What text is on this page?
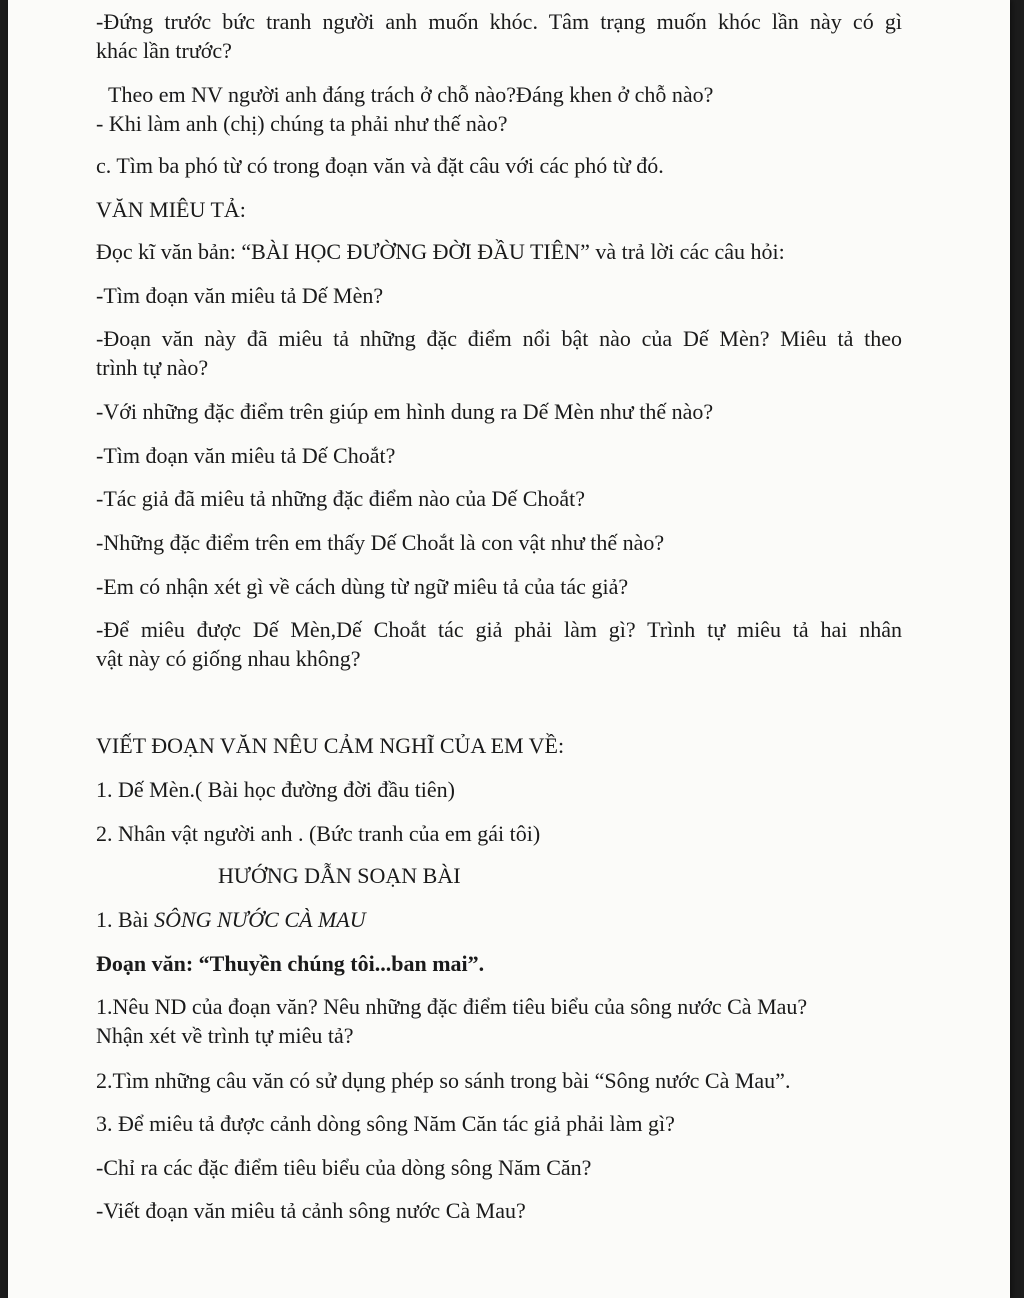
-Đứng trước bức tranh người anh muốn khóc. Tâm trạng muốn khóc lần này có gì

khác lần trước?

Theo em NV người anh đáng trách ở chỗ nào?Đáng khen ở chỗ nào?

- Khi làm anh (chị) chúng ta phải như thế nào?

c. Tìm ba phó từ có trong đoạn văn và đặt câu với các phó từ đó.

VĂN MIÊU TẢ:

Đọc kĩ văn bản: “BÀI HỌC ĐƯỜNG ĐỜI ĐẦU TIÊN” và trả lời các câu hỏi:

-Tìm đoạn văn miêu tả Dế Mèn?

-Đoạn văn này đã miêu tả những đặc điểm nổi bật nào của Dế Mèn? Miêu tả theo

trình tự nào?

-Với những đặc điểm trên giúp em hình dung ra Dế Mèn như thế nào?

-Tìm đoạn văn miêu tả Dế Choắt?

-Tác giả đã miêu tả những đặc điểm nào của Dế Choắt?

-Những đặc điểm trên em thấy Dế Choắt là con vật như thế nào?

-Em có nhận xét gì về cách dùng từ ngữ miêu tả của tác giả?

-Để miêu được Dế Mèn,Dế Choắt tác giả phải làm gì? Trình tự miêu tả hai nhân

vật này có giống nhau không?

VIẾT ĐOẠN VĂN NÊU CẢM NGHĨ CỦA EM VỀ:

1. Dế Mèn.( Bài học đường đời đầu tiên)

2. Nhân vật người anh . (Bức tranh của em gái tôi)

HƯỚNG DẪN SOẠN BÀI

1. Bài SÔNG NƯỚC CÀ MAU

Đoạn văn: “Thuyền chúng tôi...ban mai”.

1.Nêu ND của đoạn văn? Nêu những đặc điểm tiêu biểu của sông nước Cà Mau?

Nhận xét về trình tự miêu tả?

2.Tìm những câu văn có sử dụng phép so sánh trong bài “Sông nước Cà Mau”.

3. Để miêu tả được cảnh dòng sông Năm Căn tác giả phải làm gì?

-Chỉ ra các đặc điểm tiêu biểu của dòng sông Năm Căn?

-Viết đoạn văn miêu tả cảnh sông nước Cà Mau?
